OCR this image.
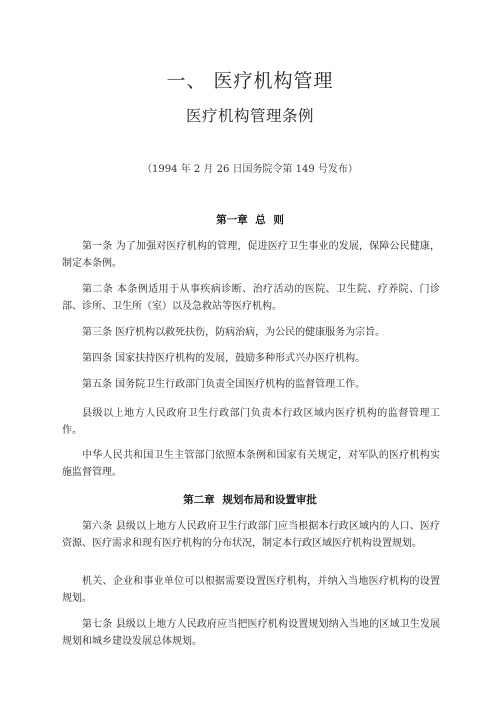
一、 医疗机构管理
医疗机构管理条例
（1994 年 2 月 26 日国务院令第 149 号发布）
第一章 总 则

第一条 为了加强对医疗机构的管理，促进医疗卫生事业的发展，保障公民健康，制定本条例。

第二条 本条例适用于从事疾病诊断、治疗活动的医院、卫生院、疗养院、门诊部、诊所、卫生所（室）以及急救站等医疗机构。

第三条 医疗机构以救死扶伤，防病治病，为公民的健康服务为宗旨。

第四条 国家扶持医疗机构的发展，鼓励多种形式兴办医疗机构。

第五条 国务院卫生行政部门负责全国医疗机构的监督管理工作。

县级以上地方人民政府卫生行政部门负责本行政区域内医疗机构的监督管理工作。

中华人民共和国卫生主管部门依照本条例和国家有关规定，对军队的医疗机构实施监督管理。

第二章 规划布局和设置审批

第六条 县级以上地方人民政府卫生行政部门应当根据本行政区域内的人口、医疗资源、医疗需求和现有医疗机构的分布状况，制定本行政区域医疗机构设置规划。

机关、企业和事业单位可以根据需要设置医疗机构，并纳入当地医疗机构的设置规划。

第七条 县级以上地方人民政府应当把医疗机构设置规划纳入当地的区域卫生发展规划和城乡建设发展总体规划。
